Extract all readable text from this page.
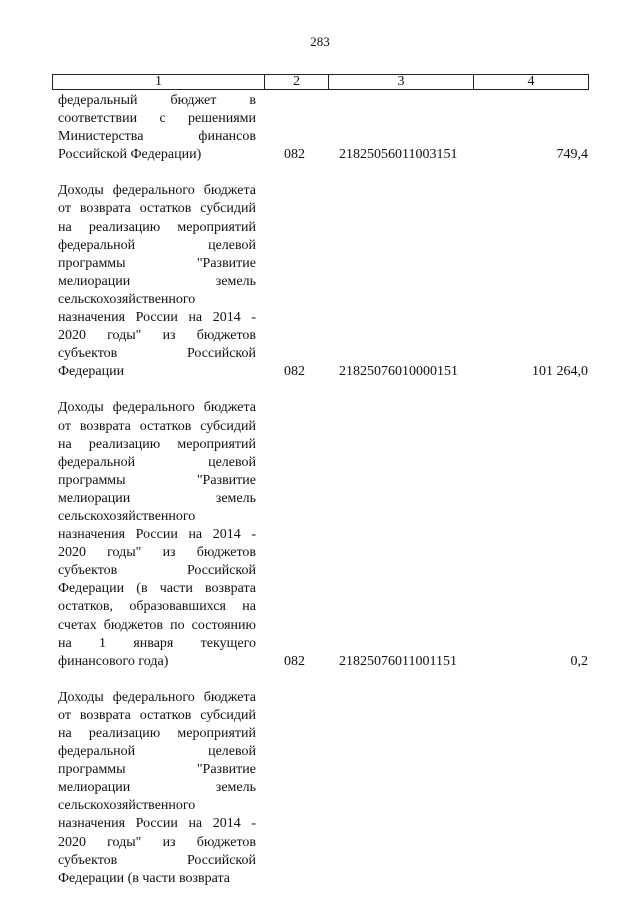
283
1	2	3	4
федеральный бюджет в соответствии с решениями Министерства финансов Российской Федерации)	082 21825056011003151	749,4
Доходы федерального бюджета от возврата остатков субсидий на реализацию мероприятий федеральной целевой программы "Развитие мелиорации земель сельскохозяйственного назначения России на 2014 - 2020 годы" из бюджетов субъектов Российской Федерации	082 21825076010000151	101 264,0
Доходы федерального бюджета от возврата остатков субсидий на реализацию мероприятий федеральной целевой программы "Развитие мелиорации земель сельскохозяйственного назначения России на 2014 - 2020 годы" из бюджетов субъектов Российской Федерации (в части возврата остатков, образовавшихся на счетах бюджетов по состоянию на 1 января текущего финансового года)	082 21825076011001151	0,2
Доходы федерального бюджета от возврата остатков субсидий на реализацию мероприятий федеральной целевой программы "Развитие мелиорации земель сельскохозяйственного назначения России на 2014 - 2020 годы" из бюджетов субъектов Российской Федерации (в части возврата
